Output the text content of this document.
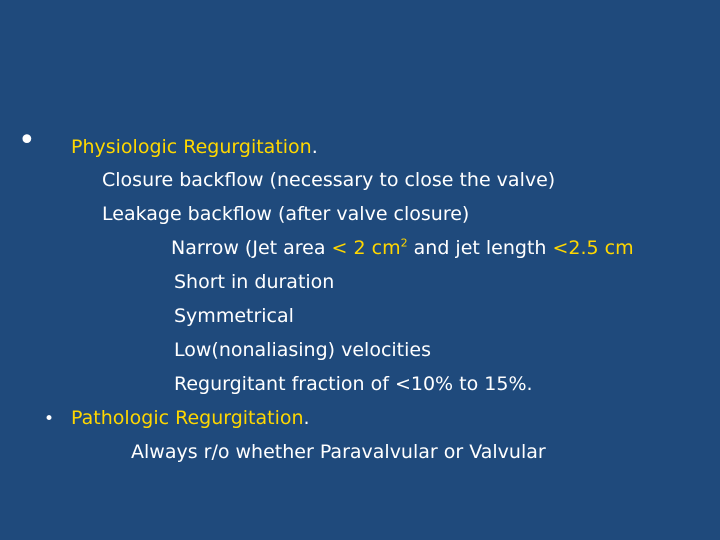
• Physiologic Regurgitation.
Closure backflow (necessary to close the valve)
Leakage backflow (after valve closure)
Narrow (Jet area < 2 $cm^2$ and jet length <2.5 cm
Short in duration
Symmetrical
Low(nonaliasing) velocities
Regurgitant fraction of <10% to 15%.
• Pathologic Regurgitation.
Always r/o whether Paravalvular or Valvular
